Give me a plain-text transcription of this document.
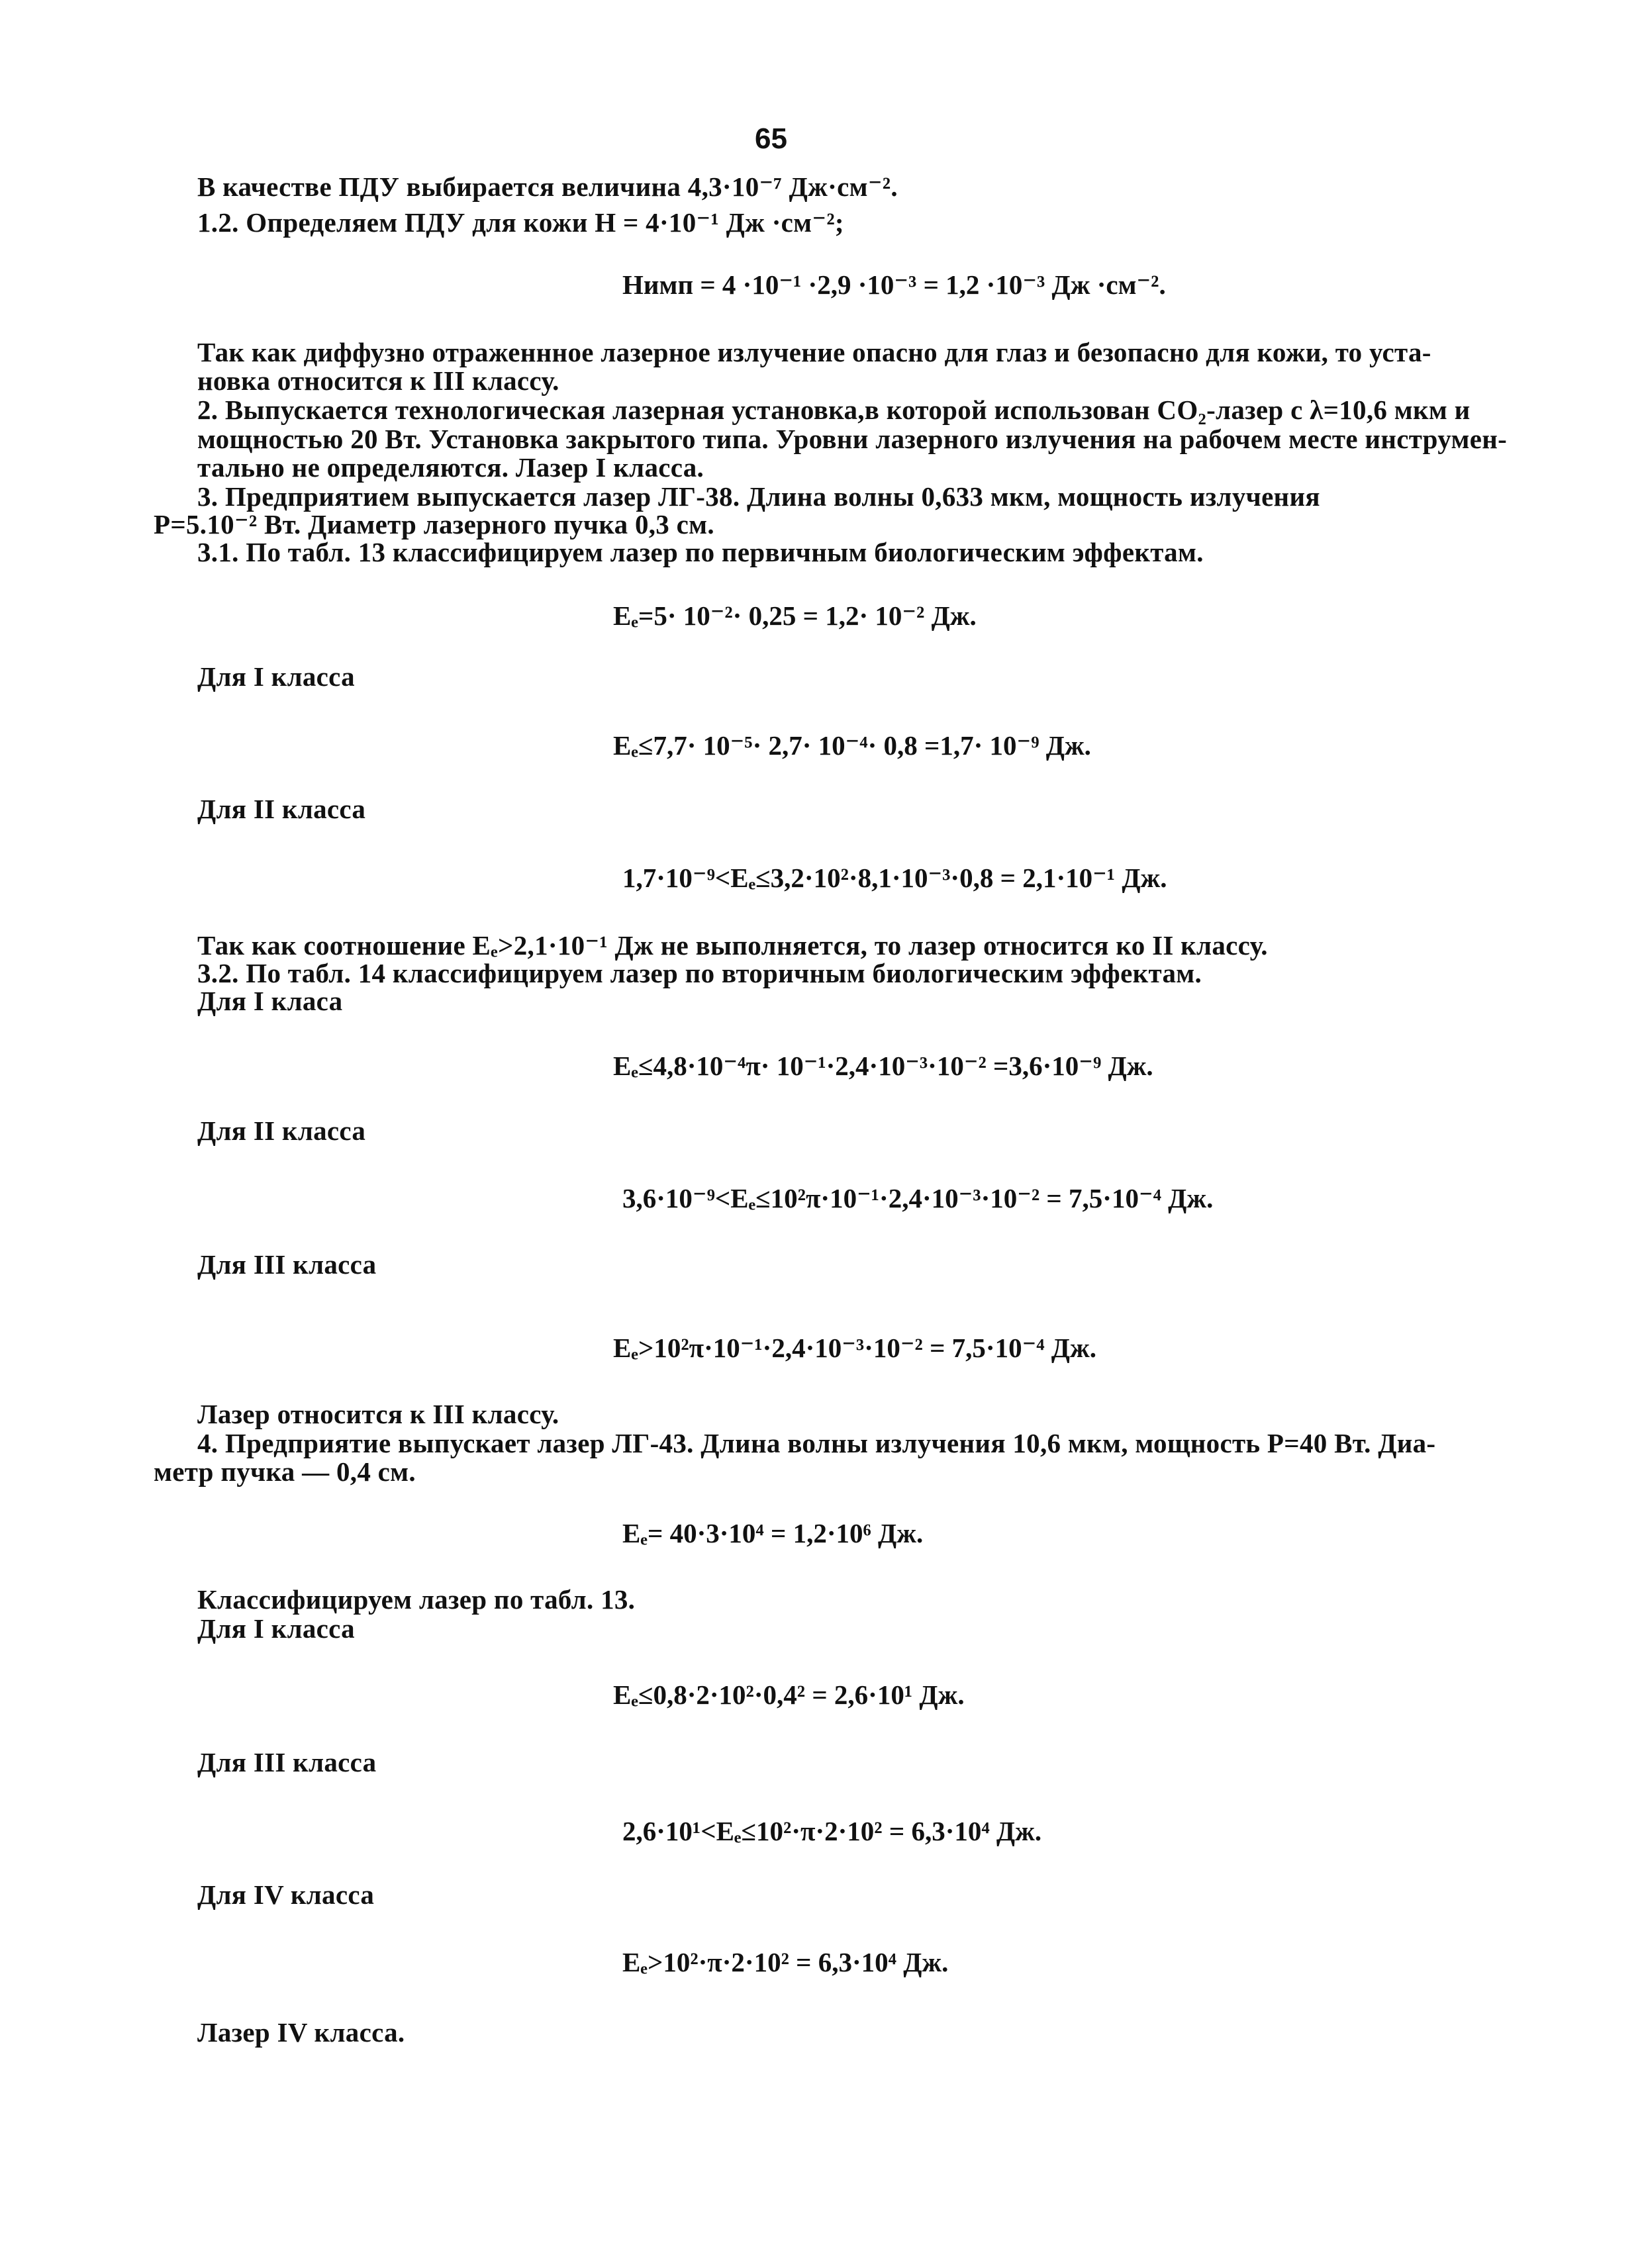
65
В качестве ПДУ выбирается величина 4,3·10⁻⁷ Дж·см⁻².
1.2. Определяем ПДУ для кожи Н = 4·10⁻¹ Дж ·см⁻²;
Нимп = 4 ·10⁻¹ ·2,9 ·10⁻³ = 1,2 ·10⁻³ Дж ·см⁻².
Так как диффузно отраженнное лазерное излучение опасно для глаз и безопасно для кожи, то уста-
новка относится к III классу.
2. Выпускается технологическая лазерная установка,в которой использован CO₂-лазер с λ=10,6 мкм и
мощностью 20 Вт. Установка закрытого типа. Уровни лазерного излучения на рабочем месте инструмен-
тально не определяются. Лазер I класса.
3. Предприятием выпускается лазер ЛГ-38. Длина волны 0,633 мкм, мощность излучения
Р=5.10⁻² Вт. Диаметр лазерного пучка 0,3 см.
3.1. По табл. 13 классифицируем лазер по первичным биологическим эффектам.
Eₑ=5· 10⁻²· 0,25 = 1,2· 10⁻² Дж.
Для I класса
Eₑ≤7,7· 10⁻⁵· 2,7· 10⁻⁴· 0,8 =1,7· 10⁻⁹ Дж.
Для II класса
1,7·10⁻⁹<Eₑ≤3,2·10²·8,1·10⁻³·0,8 = 2,1·10⁻¹ Дж.
Так как соотношение Eₑ>2,1·10⁻¹ Дж не выполняется, то лазер относится ко II классу.
3.2. По табл. 14 классифицируем лазер по вторичным биологическим эффектам.
Для I класа
Eₑ≤4,8·10⁻⁴π· 10⁻¹·2,4·10⁻³·10⁻² =3,6·10⁻⁹ Дж.
Для II класса
3,6·10⁻⁹<Eₑ≤10²π·10⁻¹·2,4·10⁻³·10⁻² = 7,5·10⁻⁴ Дж.
Для III класса
Eₑ>10²π·10⁻¹·2,4·10⁻³·10⁻² = 7,5·10⁻⁴ Дж.
Лазер относится к III классу.
4. Предприятие выпускает лазер ЛГ-43. Длина волны излучения 10,6 мкм, мощность Р=40 Вт. Диа-
метр пучка — 0,4 см.
Eₑ= 40·3·10⁴ = 1,2·10⁶ Дж.
Классифицируем лазер по табл. 13.
Для I класса
Eₑ≤0,8·2·10²·0,4² = 2,6·10¹ Дж.
Для III класса
2,6·10¹<Eₑ≤10²·π·2·10² = 6,3·10⁴ Дж.
Для IV класса
Eₑ>10²·π·2·10² = 6,3·10⁴ Дж.
Лазер IV класса.
